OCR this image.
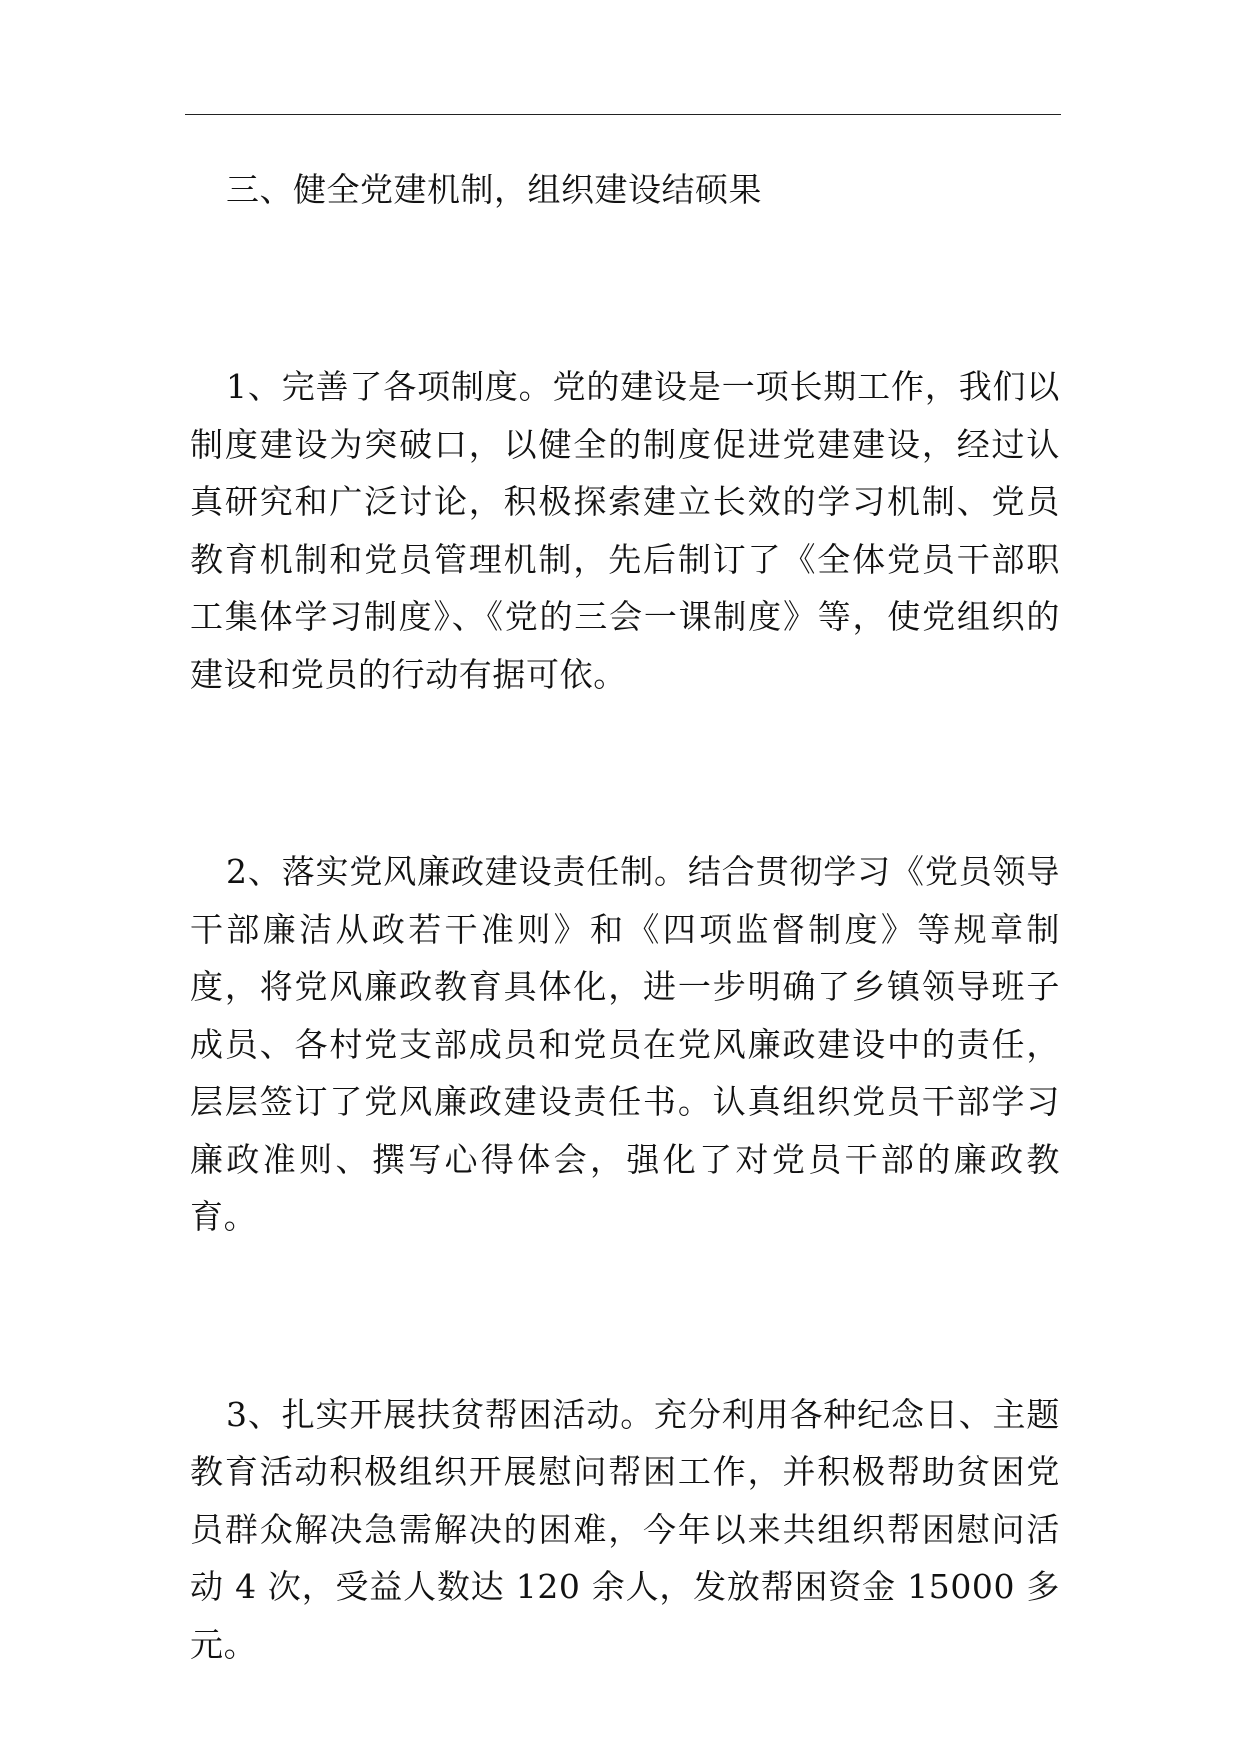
三、健全党建机制，组织建设结硕果

1、完善了各项制度。党的建设是一项长期工作，我们以制度建设为突破口，以健全的制度促进党建建设，经过认真研究和广泛讨论，积极探索建立长效的学习机制、党员教育机制和党员管理机制，先后制订了《全体党员干部职工集体学习制度》、《党的三会一课制度》等，使党组织的建设和党员的行动有据可依。

2、落实党风廉政建设责任制。结合贯彻学习《党员领导干部廉洁从政若干准则》和《四项监督制度》等规章制度，将党风廉政教育具体化，进一步明确了乡镇领导班子成员、各村党支部成员和党员在党风廉政建设中的责任，层层签订了党风廉政建设责任书。认真组织党员干部学习廉政准则、撰写心得体会，强化了对党员干部的廉政教育。

3、扎实开展扶贫帮困活动。充分利用各种纪念日、主题教育活动积极组织开展慰问帮困工作，并积极帮助贫困党员群众解决急需解决的困难，今年以来共组织帮困慰问活动 4 次，受益人数达 120 余人，发放帮困资金 15000 多元。
